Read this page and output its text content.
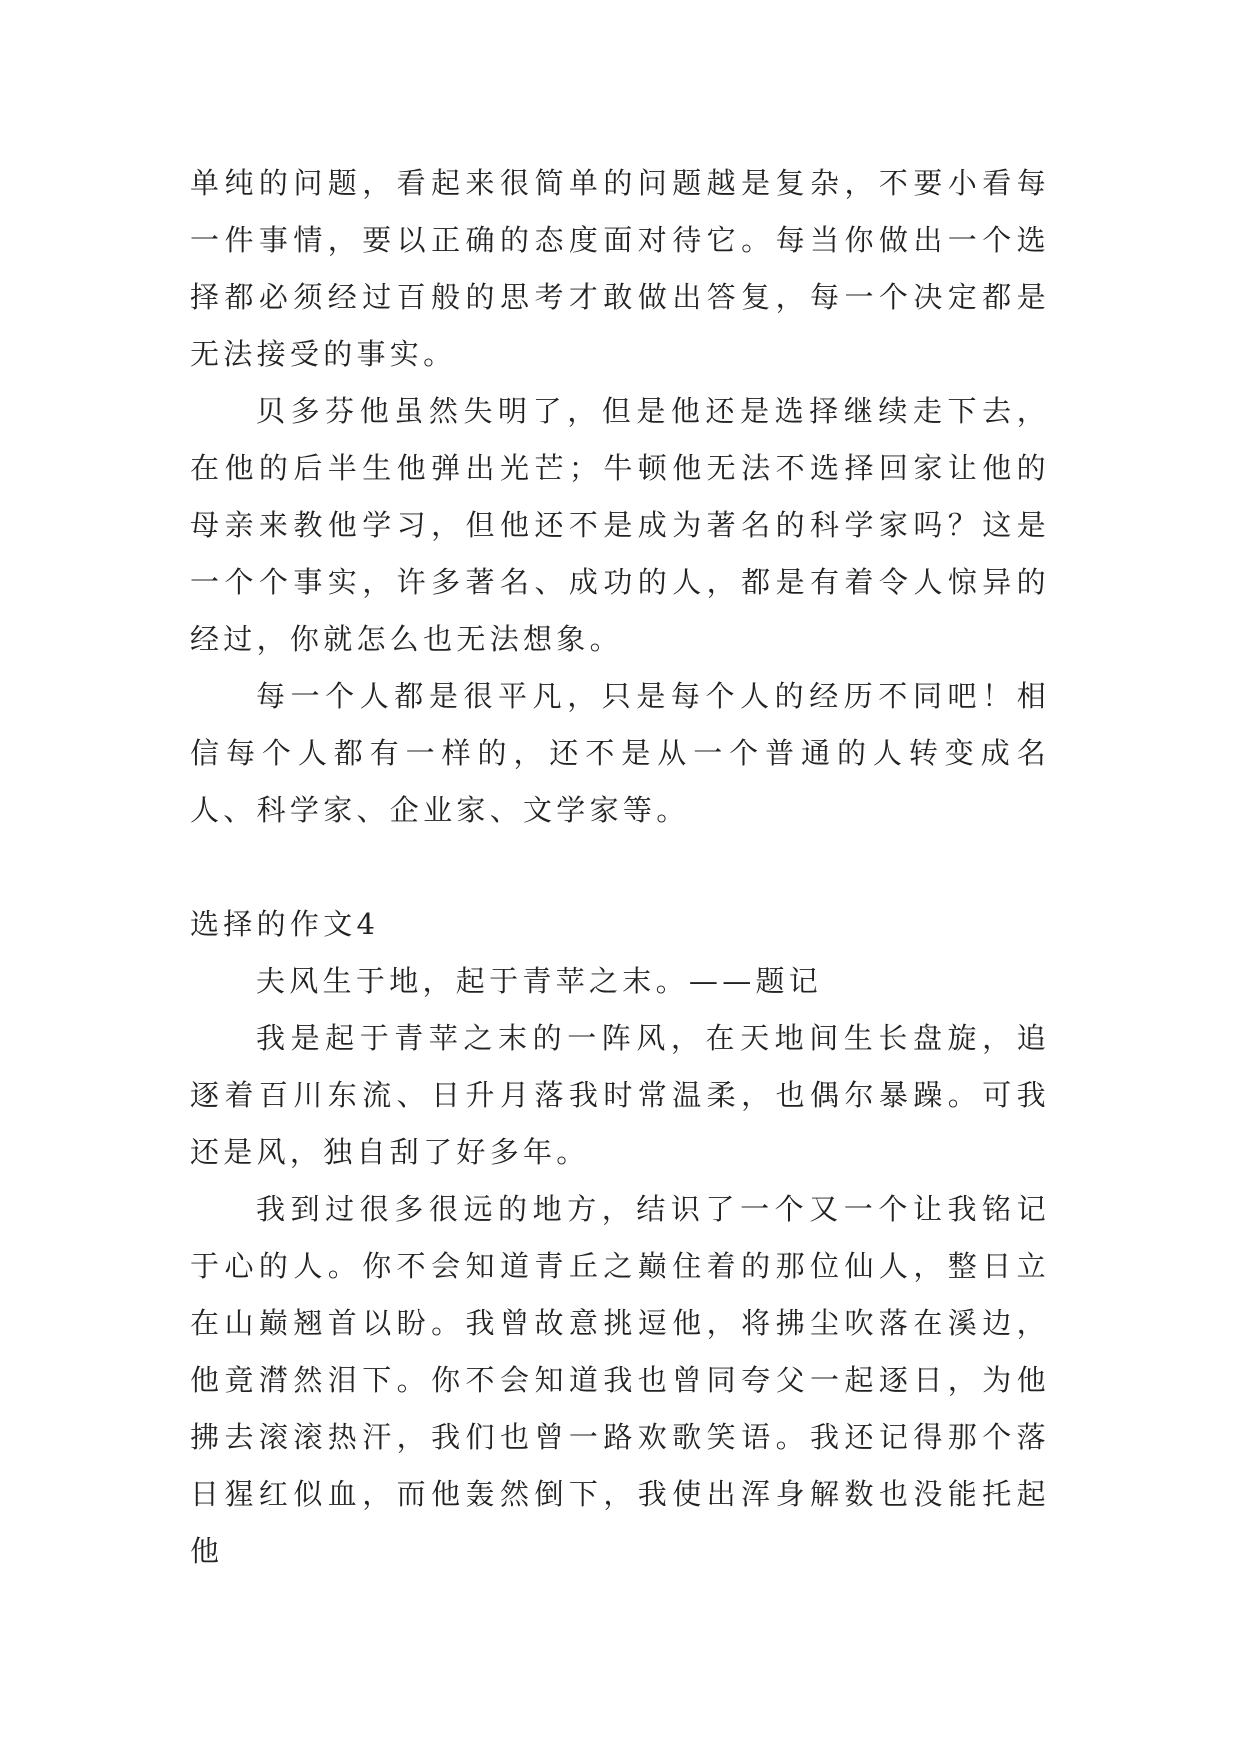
单纯的问题，看起来很简单的问题越是复杂，不要小看每一件事情，要以正确的态度面对待它。每当你做出一个选择都必须经过百般的思考才敢做出答复，每一个决定都是无法接受的事实。

贝多芬他虽然失明了，但是他还是选择继续走下去，在他的后半生他弹出光芒；牛顿他无法不选择回家让他的母亲来教他学习，但他还不是成为著名的科学家吗？这是一个个事实，许多著名、成功的人，都是有着令人惊异的经过，你就怎么也无法想象。

每一个人都是很平凡，只是每个人的经历不同吧！相信每个人都有一样的，还不是从一个普通的人转变成名人、科学家、企业家、文学家等。

选择的作文4

夫风生于地，起于青苹之末。——题记

我是起于青苹之末的一阵风，在天地间生长盘旋，追逐着百川东流、日升月落我时常温柔，也偶尔暴躁。可我还是风，独自刮了好多年。

我到过很多很远的地方，结识了一个又一个让我铭记于心的人。你不会知道青丘之巅住着的那位仙人，整日立在山巅翘首以盼。我曾故意挑逗他，将拂尘吹落在溪边，他竟潸然泪下。你不会知道我也曾同夸父一起逐日，为他拂去滚滚热汗，我们也曾一路欢歌笑语。我还记得那个落日猩红似血，而他轰然倒下，我使出浑身解数也没能托起他
